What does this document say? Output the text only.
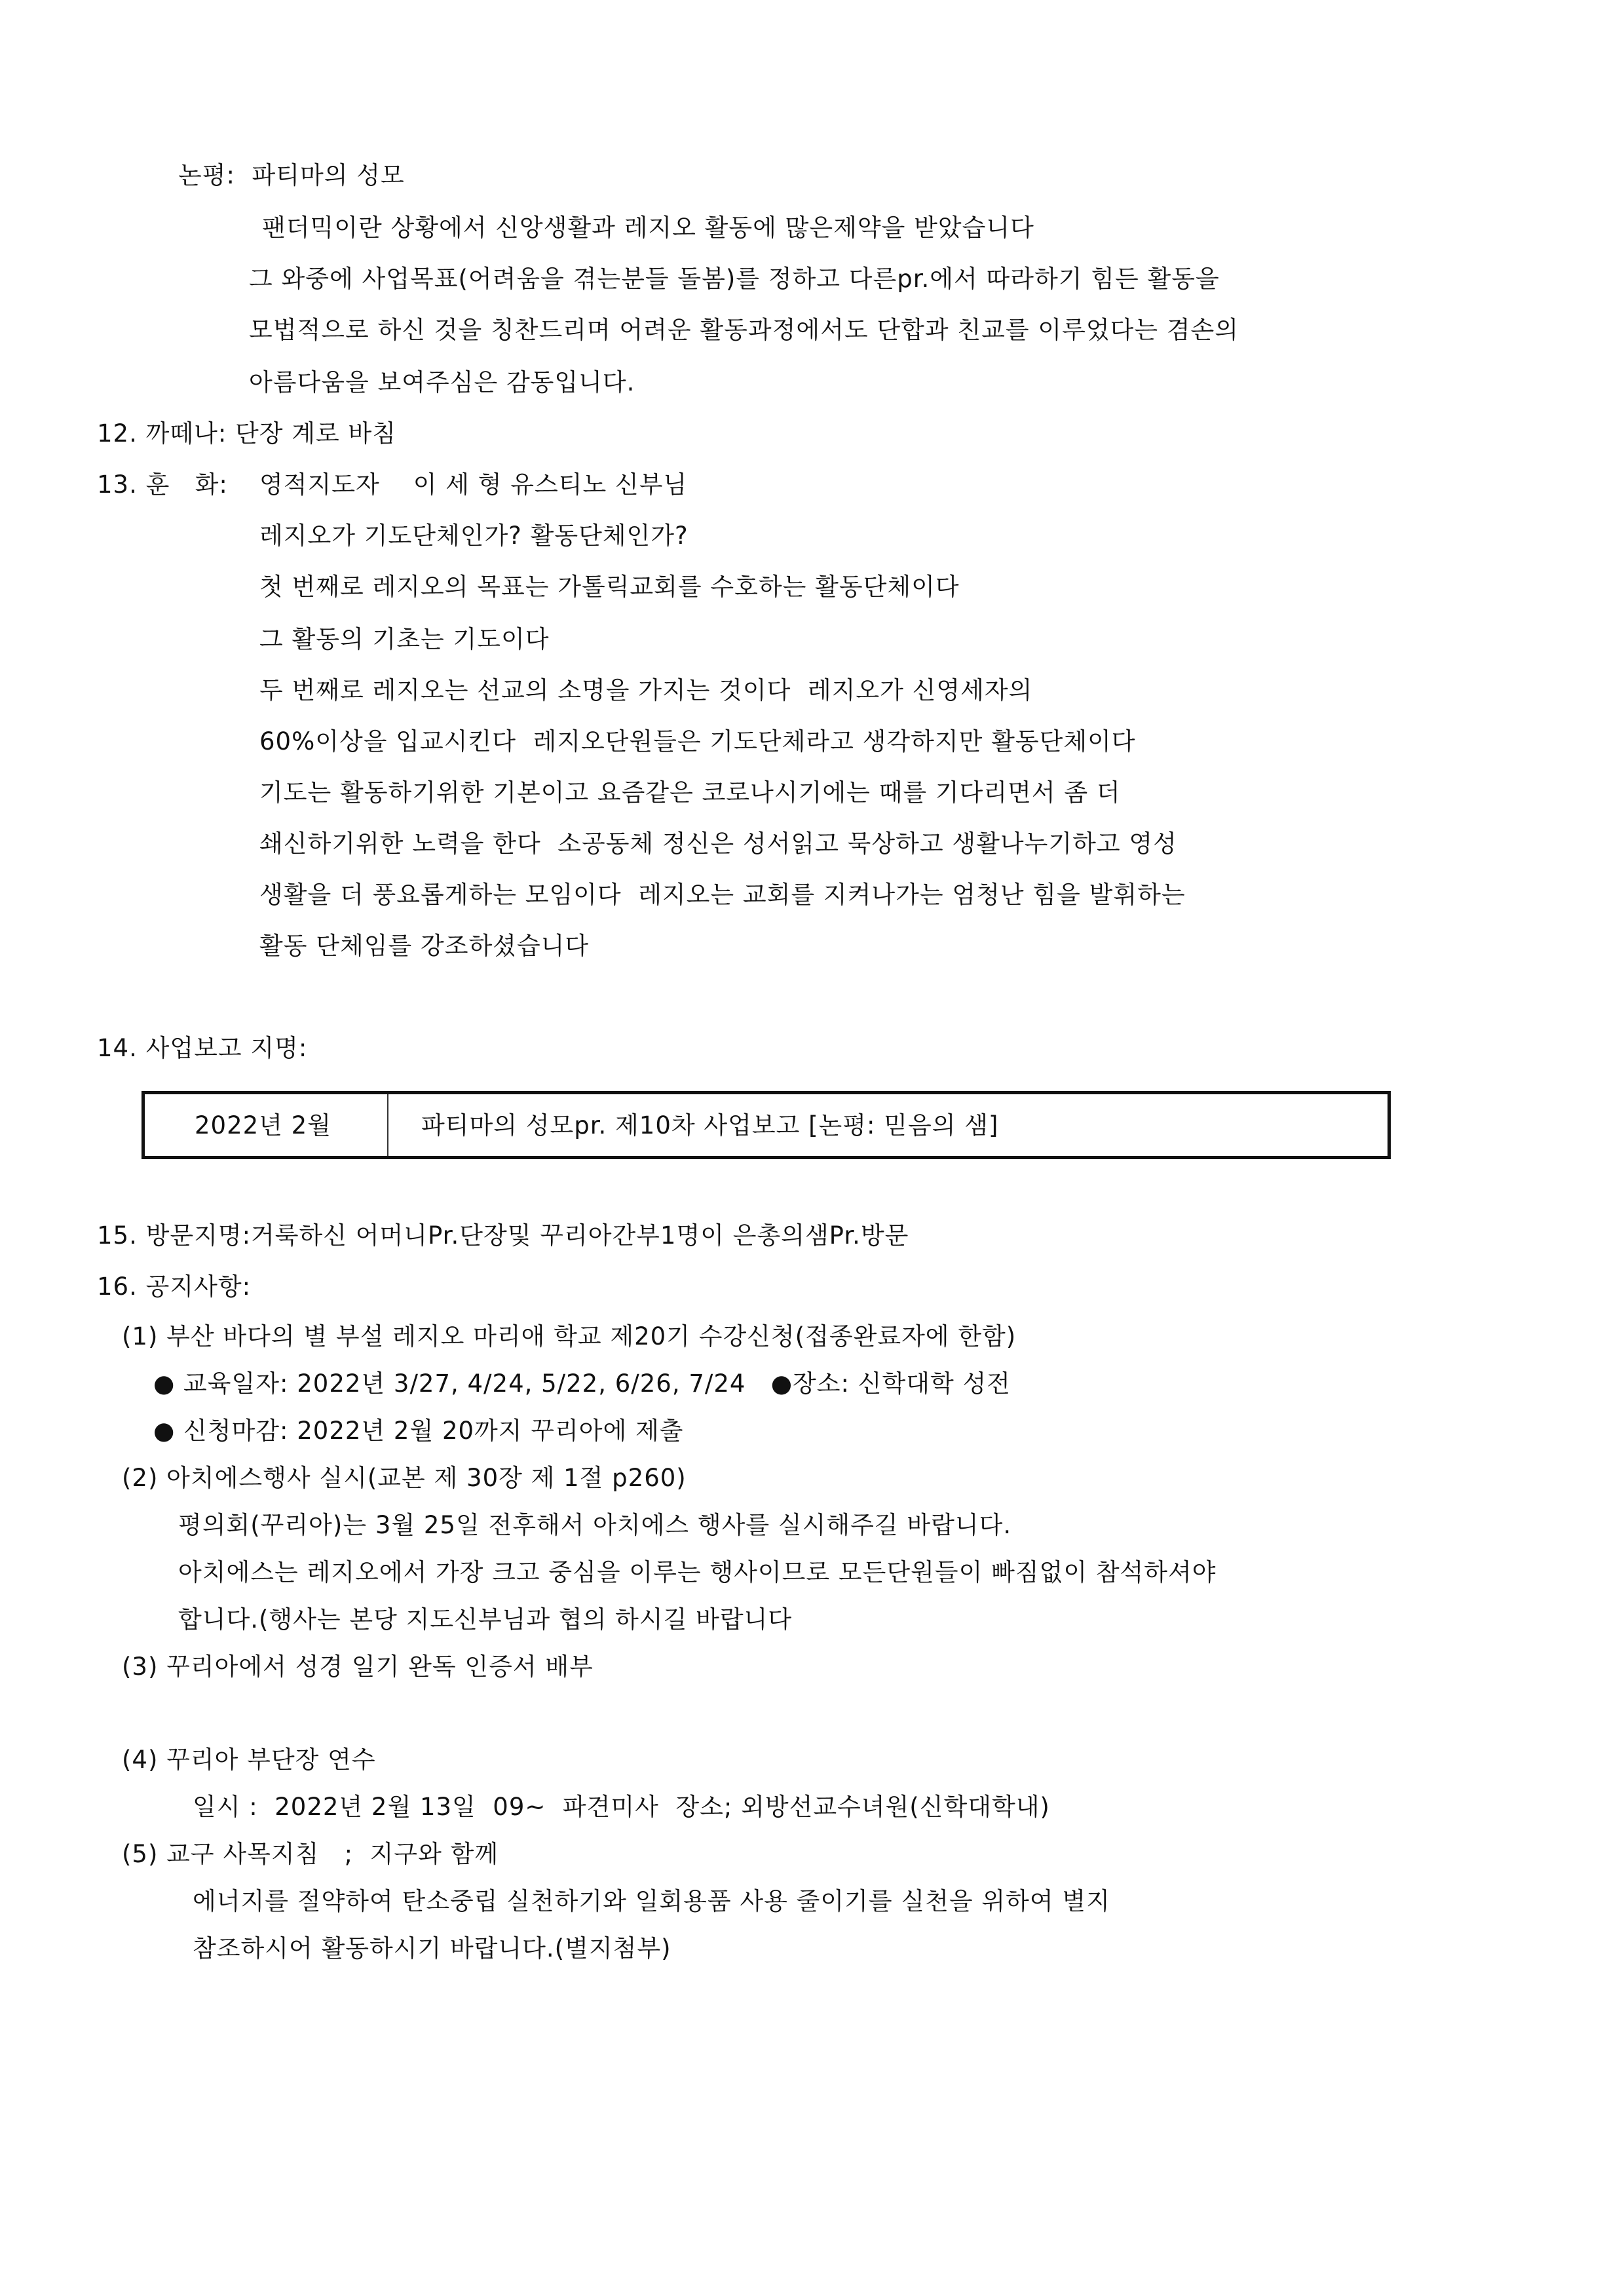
논평:  파티마의 성모
팬더믹이란 상황에서 신앙생활과 레지오 활동에 많은제약을 받았습니다
그 와중에 사업목표(어려움을 겪는분들 돌봄)를 정하고 다른pr.에서 따라하기 힘든 활동을
모법적으로 하신 것을 칭찬드리며 어려운 활동과정에서도 단합과 친교를 이루었다는 겸손의
아름다움을 보여주심은 감동입니다.
12. 까떼나: 단장 계로 바침
13. 훈   화: 영적지도자    이 세 형 유스티노 신부님
레지오가 기도단체인가? 활동단체인가?
첫 번째로 레지오의 목표는 가톨릭교회를 수호하는 활동단체이다
그 활동의 기초는 기도이다
두 번째로 레지오는 선교의 소명을 가지는 것이다  레지오가 신영세자의
60%이상을 입교시킨다  레지오단원들은 기도단체라고 생각하지만 활동단체이다
기도는 활동하기위한 기본이고 요즘같은 코로나시기에는 때를 기다리면서 좀 더
쇄신하기위한 노력을 한다  소공동체 정신은 성서읽고 묵상하고 생활나누기하고 영성
생활을 더 풍요롭게하는 모임이다  레지오는 교회를 지켜나가는 엄청난 힘을 발휘하는
활동 단체임를 강조하셨습니다
14. 사업보고 지명:
2022년 2월	파티마의 성모pr. 제10차 사업보고 [논평: 믿음의 샘]
15. 방문지명:거룩하신 어머니Pr.단장및 꾸리아간부1명이 은총의샘Pr.방문
16. 공지사항:
(1) 부산 바다의 별 부설 레지오 마리애 학교 제20기 수강신청(접종완료자에 한함)
● 교육일자: 2022년 3/27, 4/24, 5/22, 6/26, 7/24   ●장소: 신학대학 성전
● 신청마감: 2022년 2월 20까지 꾸리아에 제출
(2) 아치에스행사 실시(교본 제 30장 제 1절 p260)
평의회(꾸리아)는 3월 25일 전후해서 아치에스 행사를 실시해주길 바랍니다.
아치에스는 레지오에서 가장 크고 중심을 이루는 행사이므로 모든단원들이 빠짐없이 참석하셔야
합니다.(행사는 본당 지도신부님과 협의 하시길 바랍니다
(3) 꾸리아에서 성경 일기 완독 인증서 배부
(4) 꾸리아 부단장 연수
일시 :  2022년 2월 13일  09~  파견미사  장소; 외방선교수녀원(신학대학내)
(5) 교구 사목지침   ;  지구와 함께
에너지를 절약하여 탄소중립 실천하기와 일회용품 사용 줄이기를 실천을 위하여 별지
참조하시어 활동하시기 바랍니다.(별지첨부)
